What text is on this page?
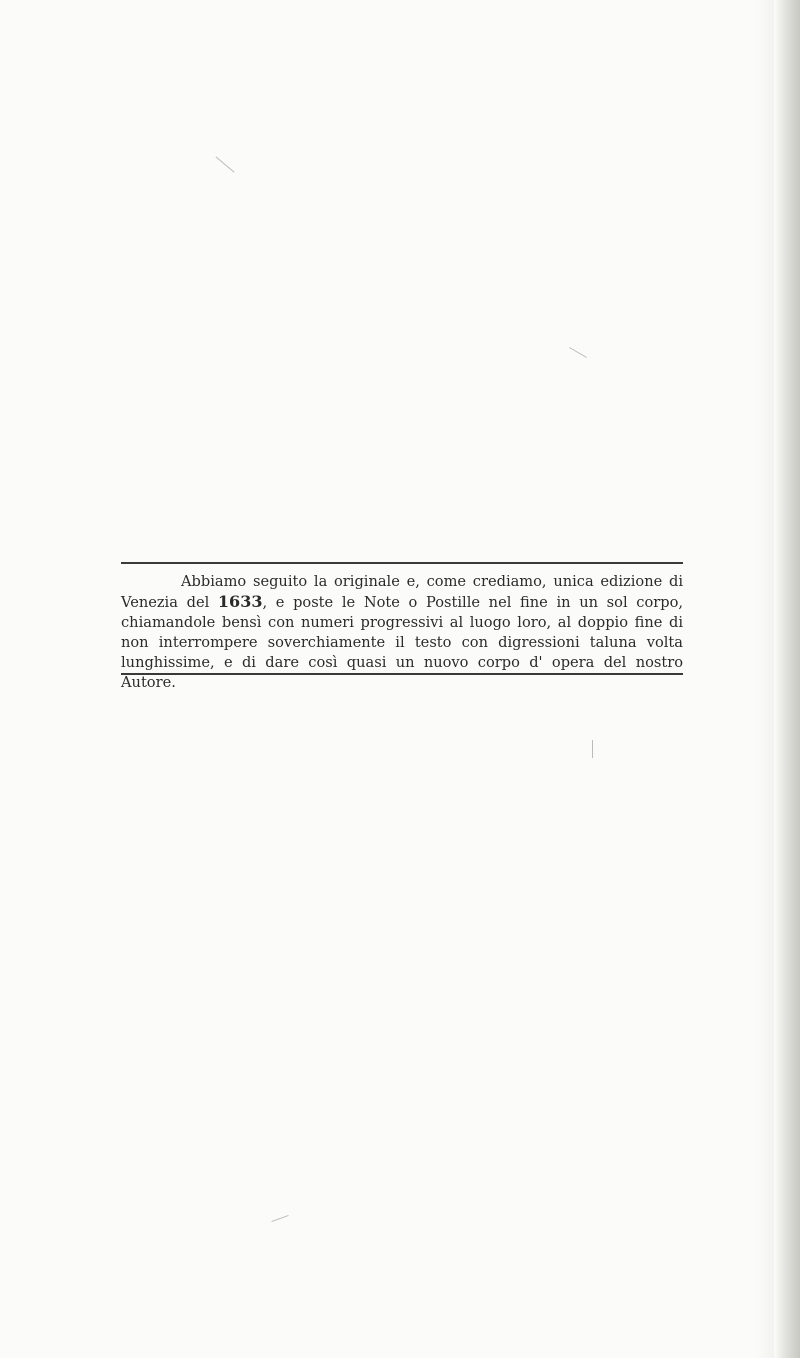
Abbiamo seguito la originale e, come crediamo, unica edizione di Venezia del 1633, e poste le Note o Postille nel fine in un sol corpo, chiamandole bensì con numeri progressivi al luogo loro, al doppio fine di non interrompere soverchiamente il testo con digressioni taluna volta lunghissime, e di dare così quasi un nuovo corpo d' opera del nostro Autore.
